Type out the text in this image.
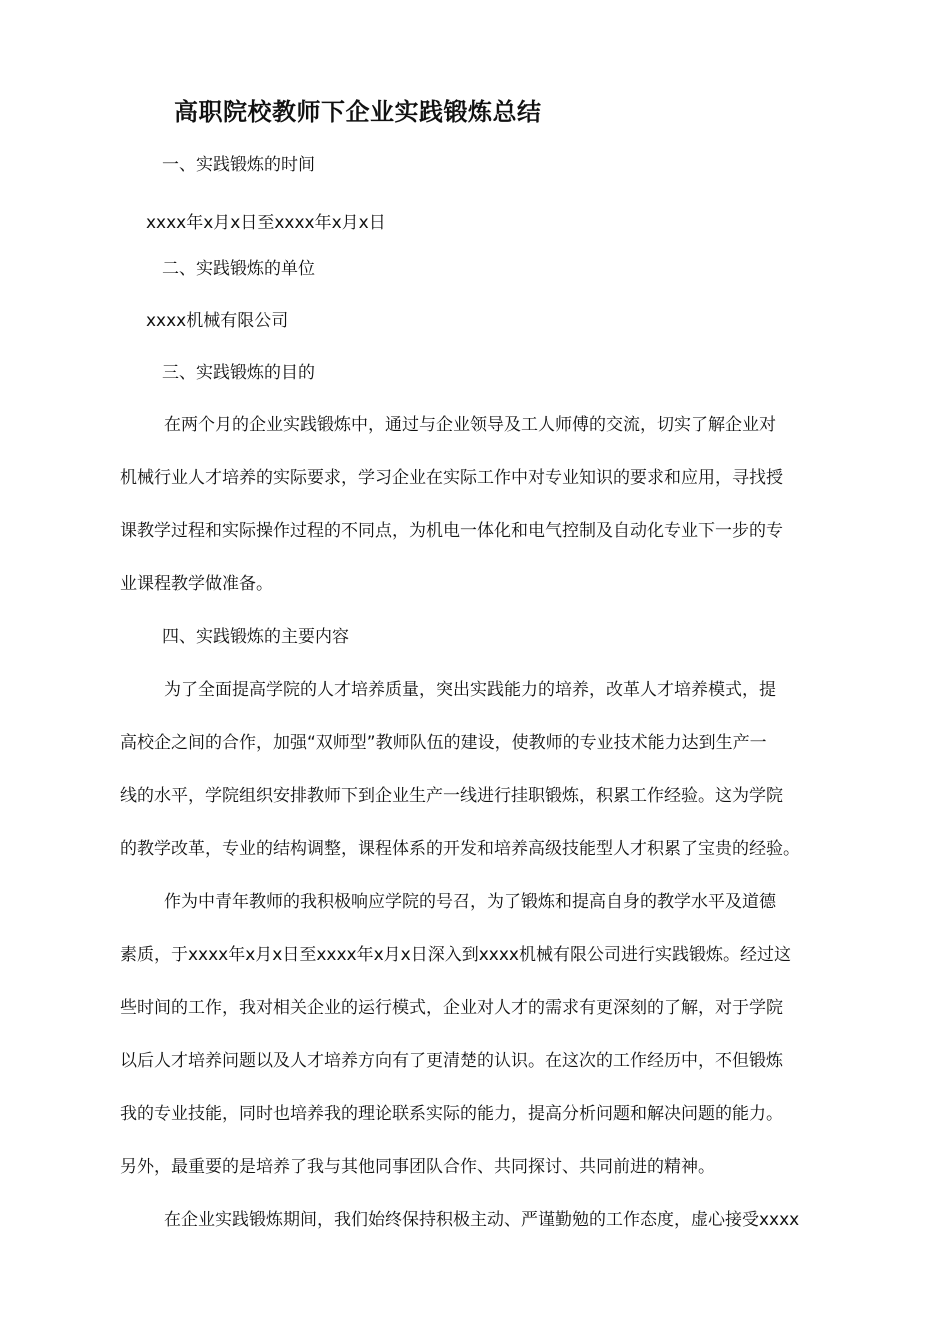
高职院校教师下企业实践锻炼总结
一、实践锻炼的时间
xxxx年x月x日至xxxx年x月x日
二、实践锻炼的单位
xxxx机械有限公司
三、实践锻炼的目的
在两个月的企业实践锻炼中，通过与企业领导及工人师傅的交流，切实了解企业对
机械行业人才培养的实际要求，学习企业在实际工作中对专业知识的要求和应用，寻找授
课教学过程和实际操作过程的不同点，为机电一体化和电气控制及自动化专业下一步的专
业课程教学做准备。
四、实践锻炼的主要内容
为了全面提高学院的人才培养质量，突出实践能力的培养，改革人才培养模式，提
高校企之间的合作，加强“双师型”教师队伍的建设，使教师的专业技术能力达到生产一
线的水平，学院组织安排教师下到企业生产一线进行挂职锻炼，积累工作经验。这为学院
的教学改革，专业的结构调整，课程体系的开发和培养高级技能型人才积累了宝贵的经验。
作为中青年教师的我积极响应学院的号召，为了锻炼和提高自身的教学水平及道德
素质，于xxxx年x月x日至xxxx年x月x日深入到xxxx机械有限公司进行实践锻炼。经过这
些时间的工作，我对相关企业的运行模式，企业对人才的需求有更深刻的了解，对于学院
以后人才培养问题以及人才培养方向有了更清楚的认识。在这次的工作经历中，不但锻炼
我的专业技能，同时也培养我的理论联系实际的能力，提高分析问题和解决问题的能力。
另外，最重要的是培养了我与其他同事团队合作、共同探讨、共同前进的精神。
在企业实践锻炼期间，我们始终保持积极主动、严谨勤勉的工作态度，虚心接受xxxx
